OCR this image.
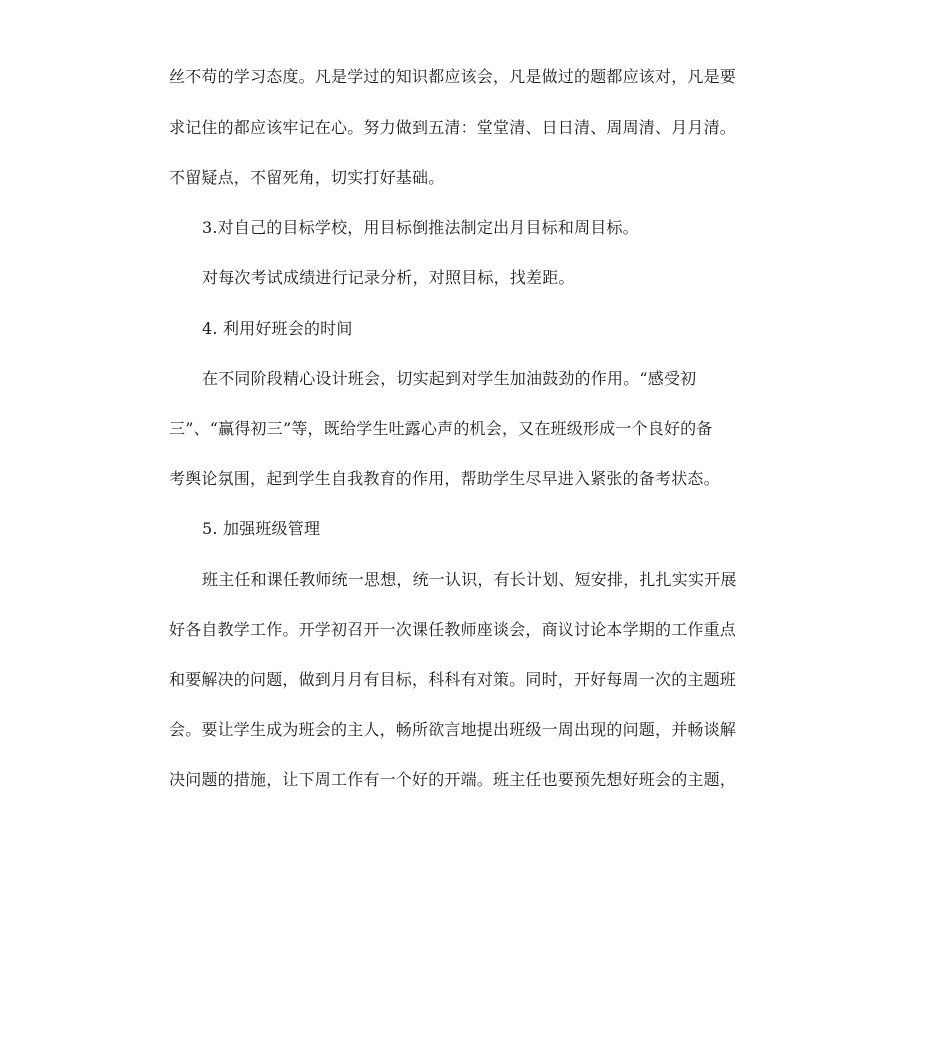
丝不苟的学习态度。凡是学过的知识都应该会，凡是做过的题都应该对，凡是要
求记住的都应该牢记在心。努力做到五清：堂堂清、日日清、周周清、月月清。
不留疑点，不留死角，切实打好基础。
3.对自己的目标学校，用目标倒推法制定出月目标和周目标。
对每次考试成绩进行记录分析，对照目标，找差距。
4. 利用好班会的时间
在不同阶段精心设计班会，切实起到对学生加油鼓劲的作用。“感受初
三”、“赢得初三”等，既给学生吐露心声的机会，又在班级形成一个良好的备
考舆论氛围，起到学生自我教育的作用，帮助学生尽早进入紧张的备考状态。
5. 加强班级管理
班主任和课任教师统一思想，统一认识，有长计划、短安排，扎扎实实开展
好各自教学工作。开学初召开一次课任教师座谈会，商议讨论本学期的工作重点
和要解决的问题，做到月月有目标，科科有对策。同时，开好每周一次的主题班
会。要让学生成为班会的主人，畅所欲言地提出班级一周出现的问题，并畅谈解
决问题的措施，让下周工作有一个好的开端。班主任也要预先想好班会的主题，
